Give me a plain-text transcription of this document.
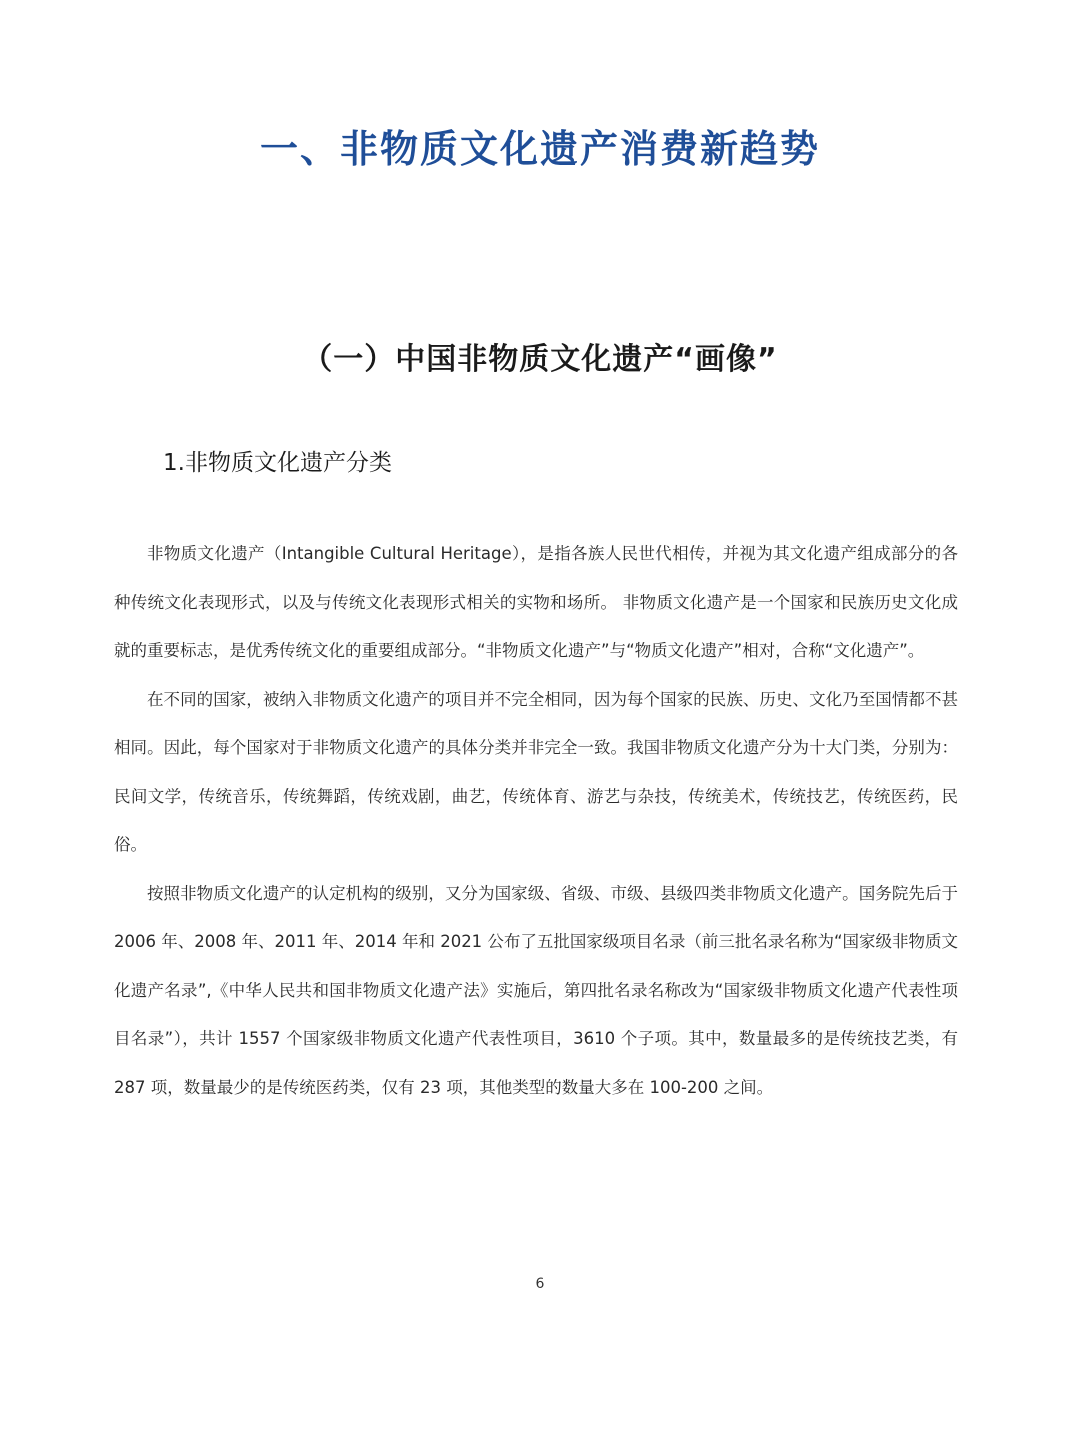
一、非物质文化遗产消费新趋势
（一）中国非物质文化遗产“画像”
1.非物质文化遗产分类

非物质文化遗产（Intangible Cultural Heritage），是指各族人民世代相传，并视为其文化遗产组成部分的各种传统文化表现形式，以及与传统文化表现形式相关的实物和场所。 非物质文化遗产是一个国家和民族历史文化成就的重要标志，是优秀传统文化的重要组成部分。“非物质文化遗产”与“物质文化遗产”相对，合称“文化遗产”。

在不同的国家，被纳入非物质文化遗产的项目并不完全相同，因为每个国家的民族、历史、文化乃至国情都不甚相同。因此，每个国家对于非物质文化遗产的具体分类并非完全一致。我国非物质文化遗产分为十大门类，分别为：民间文学，传统音乐，传统舞蹈，传统戏剧，曲艺，传统体育、游艺与杂技，传统美术，传统技艺，传统医药，民俗。

按照非物质文化遗产的认定机构的级别，又分为国家级、省级、市级、县级四类非物质文化遗产。国务院先后于 2006 年、2008 年、2011 年、2014 年和 2021 公布了五批国家级项目名录（前三批名录名称为“国家级非物质文化遗产名录”,《中华人民共和国非物质文化遗产法》实施后，第四批名录名称改为“国家级非物质文化遗产代表性项目名录”），共计 1557 个国家级非物质文化遗产代表性项目，3610 个子项。其中，数量最多的是传统技艺类，有 287 项，数量最少的是传统医药类，仅有 23 项，其他类型的数量大多在 100-200 之间。

6
